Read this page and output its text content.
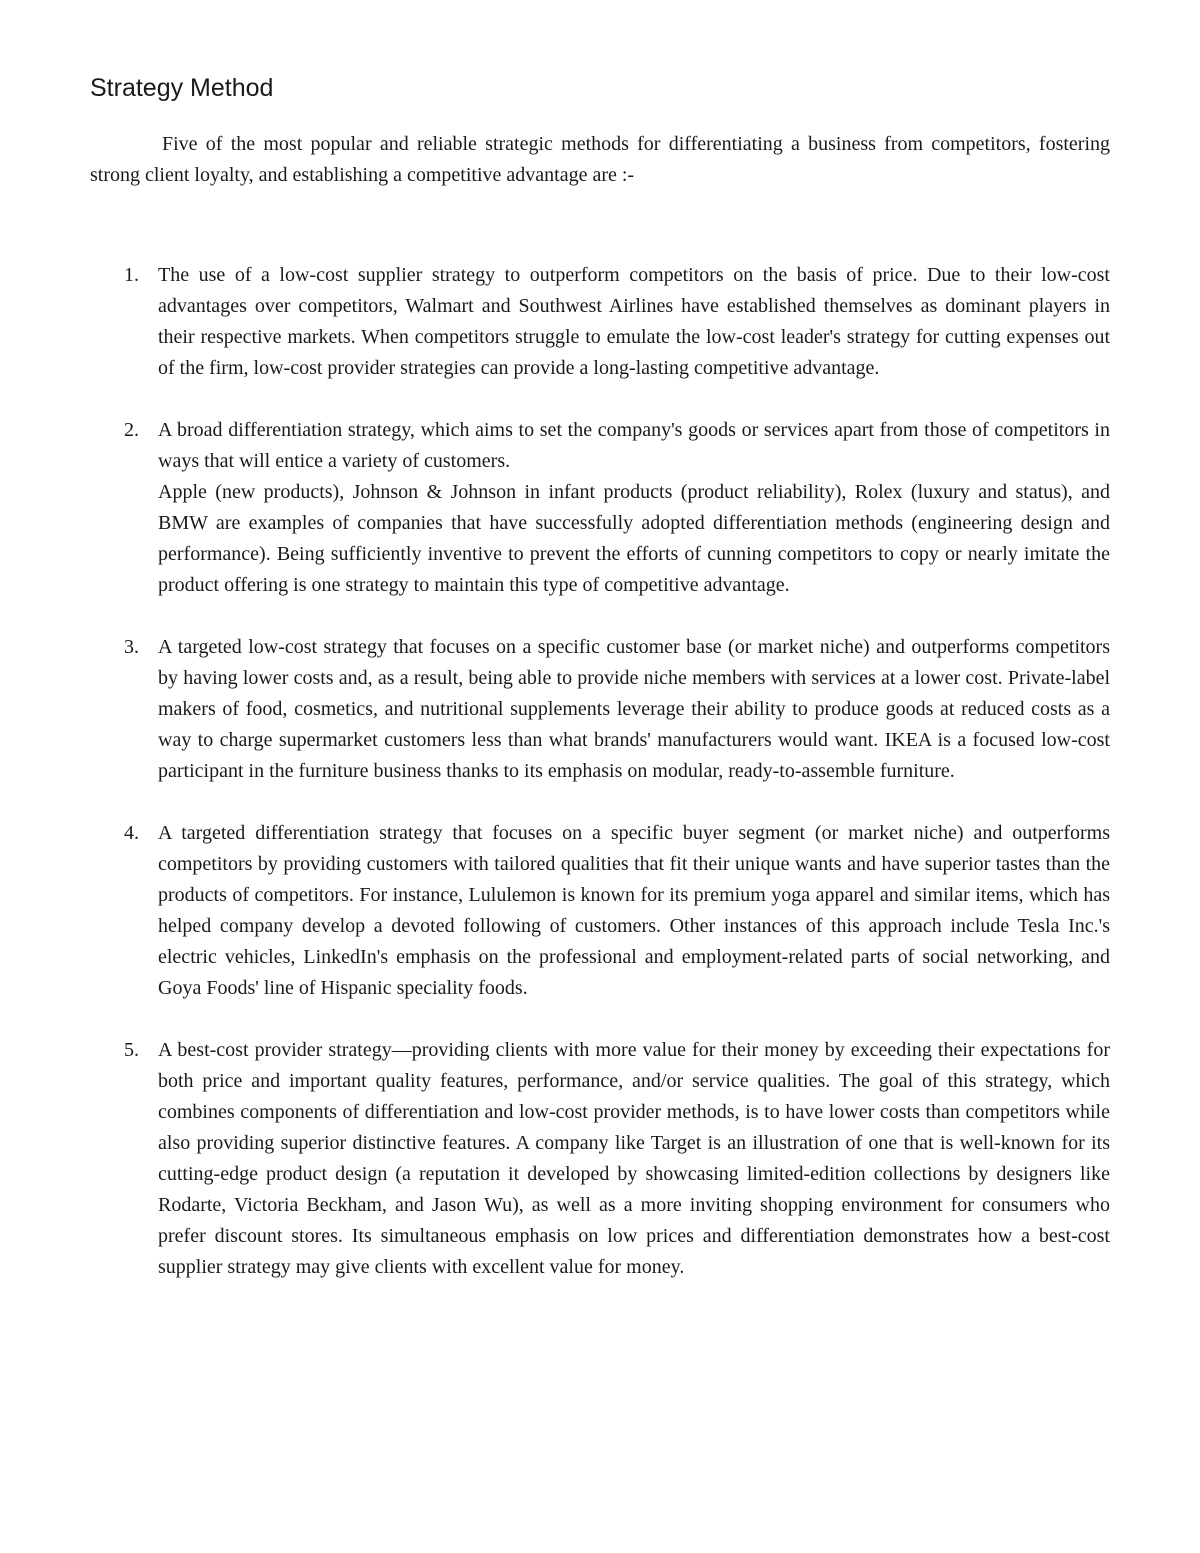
Strategy Method

Five of the most popular and reliable strategic methods for differentiating a business from competitors, fostering strong client loyalty, and establishing a competitive advantage are :-

1. The use of a low-cost supplier strategy to outperform competitors on the basis of price. Due to their low-cost advantages over competitors, Walmart and Southwest Airlines have established themselves as dominant players in their respective markets. When competitors struggle to emulate the low-cost leader's strategy for cutting expenses out of the firm, low-cost provider strategies can provide a long-lasting competitive advantage.

2. A broad differentiation strategy, which aims to set the company's goods or services apart from those of competitors in ways that will entice a variety of customers.

Apple (new products), Johnson & Johnson in infant products (product reliability), Rolex (luxury and status), and BMW are examples of companies that have successfully adopted differentiation methods (engineering design and performance). Being sufficiently inventive to prevent the efforts of cunning competitors to copy or nearly imitate the product offering is one strategy to maintain this type of competitive advantage.

3. A targeted low-cost strategy that focuses on a specific customer base (or market niche) and outperforms competitors by having lower costs and, as a result, being able to provide niche members with services at a lower cost. Private-label makers of food, cosmetics, and nutritional supplements leverage their ability to produce goods at reduced costs as a way to charge supermarket customers less than what brands' manufacturers would want. IKEA is a focused low-cost participant in the furniture business thanks to its emphasis on modular, ready-to-assemble furniture.

4. A targeted differentiation strategy that focuses on a specific buyer segment (or market niche) and outperforms competitors by providing customers with tailored qualities that fit their unique wants and have superior tastes than the products of competitors. For instance, Lululemon is known for its premium yoga apparel and similar items, which has helped company develop a devoted following of customers. Other instances of this approach include Tesla Inc.'s electric vehicles, LinkedIn's emphasis on the professional and employment-related parts of social networking, and Goya Foods' line of Hispanic speciality foods.

5. A best-cost provider strategy—providing clients with more value for their money by exceeding their expectations for both price and important quality features, performance, and/or service qualities. The goal of this strategy, which combines components of differentiation and low-cost provider methods, is to have lower costs than competitors while also providing superior distinctive features. A company like Target is an illustration of one that is well-known for its cutting-edge product design (a reputation it developed by showcasing limited-edition collections by designers like Rodarte, Victoria Beckham, and Jason Wu), as well as a more inviting shopping environment for consumers who prefer discount stores. Its simultaneous emphasis on low prices and differentiation demonstrates how a best-cost supplier strategy may give clients with excellent value for money.
